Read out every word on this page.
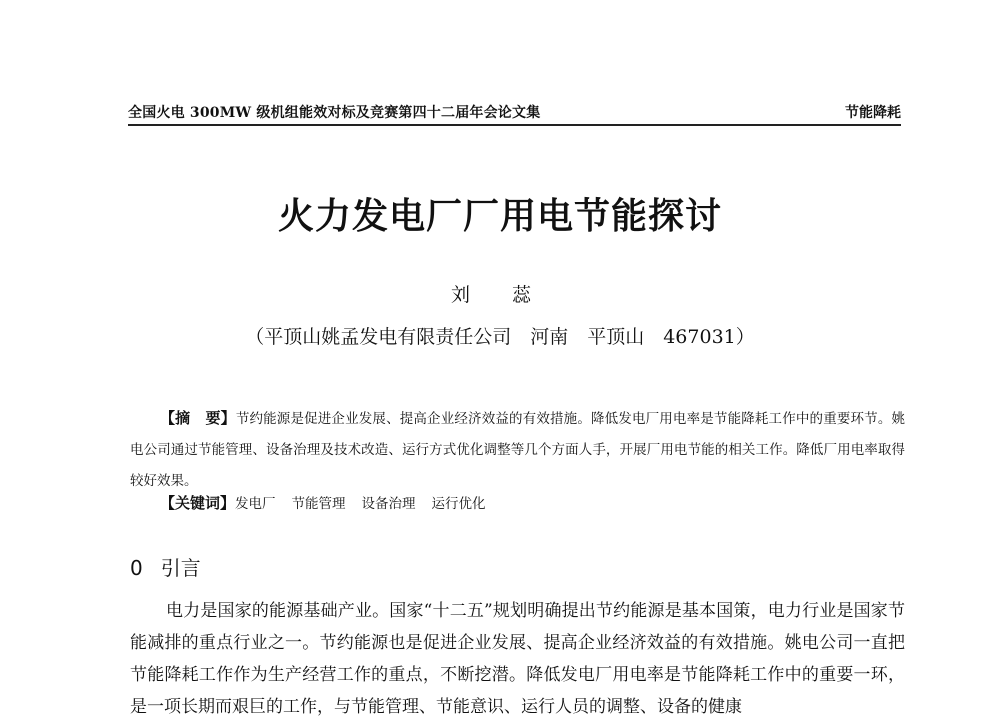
全国火电 300MW 级机组能效对标及竞赛第四十二届年会论文集	节能降耗
火力发电厂厂用电节能探讨
刘 蕊
（平顶山姚孟发电有限责任公司　河南　平顶山　467031）
【摘　要】节约能源是促进企业发展、提高企业经济效益的有效措施。降低发电厂用电率是节能降耗工作中的重要环节。姚电公司通过节能管理、设备治理及技术改造、运行方式优化调整等几个方面人手，开展厂用电节能的相关工作。降低厂用电率取得较好效果。
【关键词】发电厂 节能管理 设备治理 运行优化
0 引言
电力是国家的能源基础产业。国家“十二五”规划明确提出节约能源是基本国策，电力行业是国家节能减排的重点行业之一。节约能源也是促进企业发展、提高企业经济效益的有效措施。姚电公司一直把节能降耗工作作为生产经营工作的重点，不断挖潜。降低发电厂用电率是节能降耗工作中的重要一环，是一项长期而艰巨的工作，与节能管理、节能意识、运行人员的调整、设备的健康
